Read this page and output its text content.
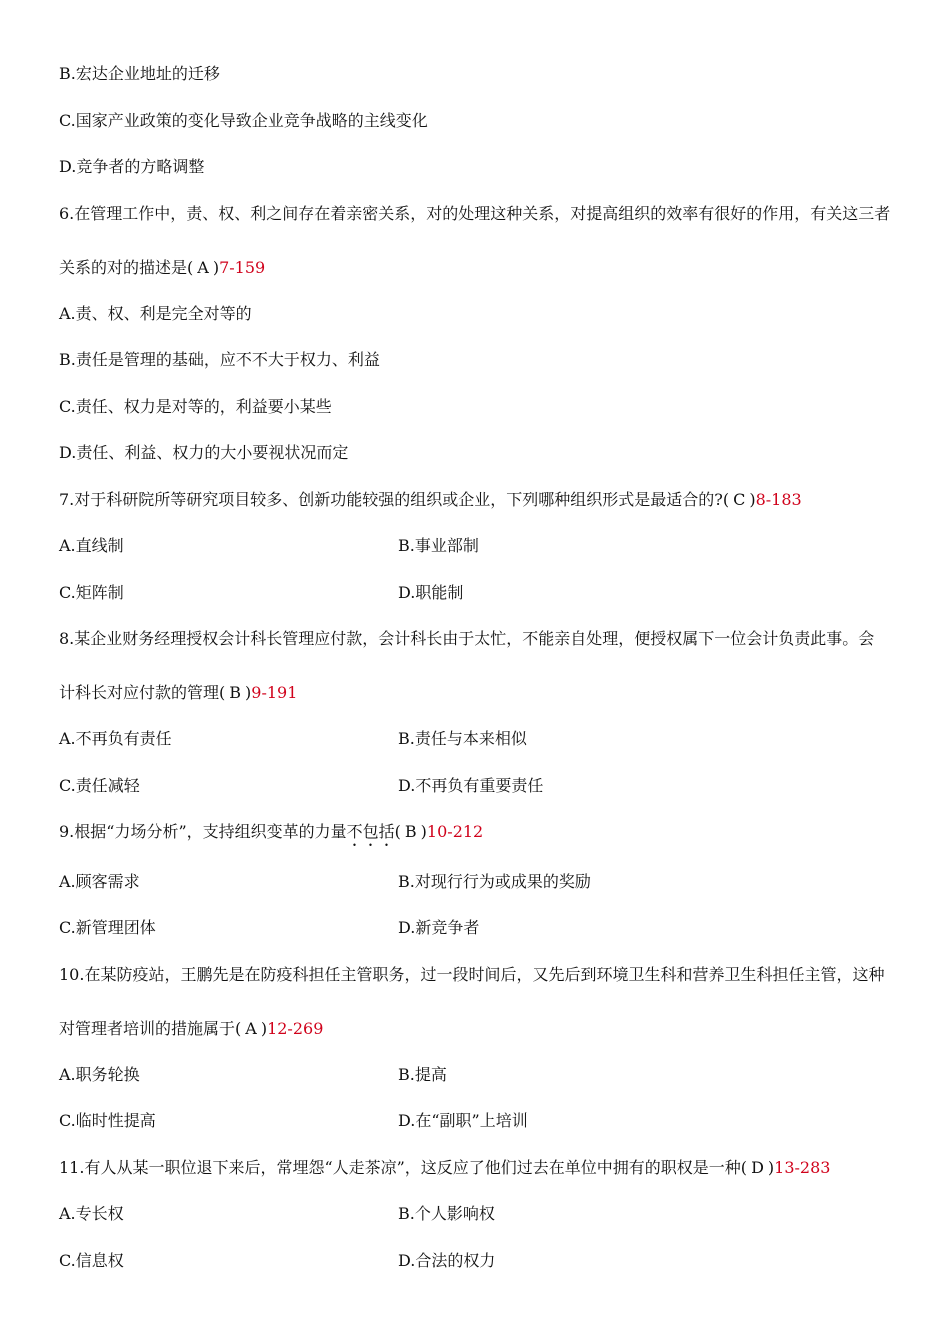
B.宏达企业地址的迁移
C.国家产业政策的变化导致企业竞争战略的主线变化
D.竞争者的方略调整
6.在管理工作中，责、权、利之间存在着亲密关系，对的处理这种关系，对提高组织的效率有很好的作用，有关这三者
关系的对的描述是( A )7-159
A.责、权、利是完全对等的
B.责任是管理的基础，应不不大于权力、利益
C.责任、权力是对等的，利益要小某些
D.责任、利益、权力的大小要视状况而定
7.对于科研院所等研究项目较多、创新功能较强的组织或企业，下列哪种组织形式是最适合的?( C )8-183
A.直线制	B.事业部制
C.矩阵制	D.职能制
8.某企业财务经理授权会计科长管理应付款，会计科长由于太忙，不能亲自处理，便授权属下一位会计负责此事。会
计科长对应付款的管理( B )9-191
A.不再负有责任	B.责任与本来相似
C.责任减轻	D.不再负有重要责任
9.根据“力场分析”，支持组织变革的力量不包括( B )10-212
A.顾客需求	B.对现行行为或成果的奖励
C.新管理团体	D.新竞争者
10.在某防疫站，王鹏先是在防疫科担任主管职务，过一段时间后，又先后到环境卫生科和营养卫生科担任主管，这种
对管理者培训的措施属于( A )12-269
A.职务轮换	B.提高
C.临时性提高	D.在“副职”上培训
11.有人从某一职位退下来后，常埋怨“人走茶凉”，这反应了他们过去在单位中拥有的职权是一种( D )13-283
A.专长权	B.个人影响权
C.信息权	D.合法的权力
